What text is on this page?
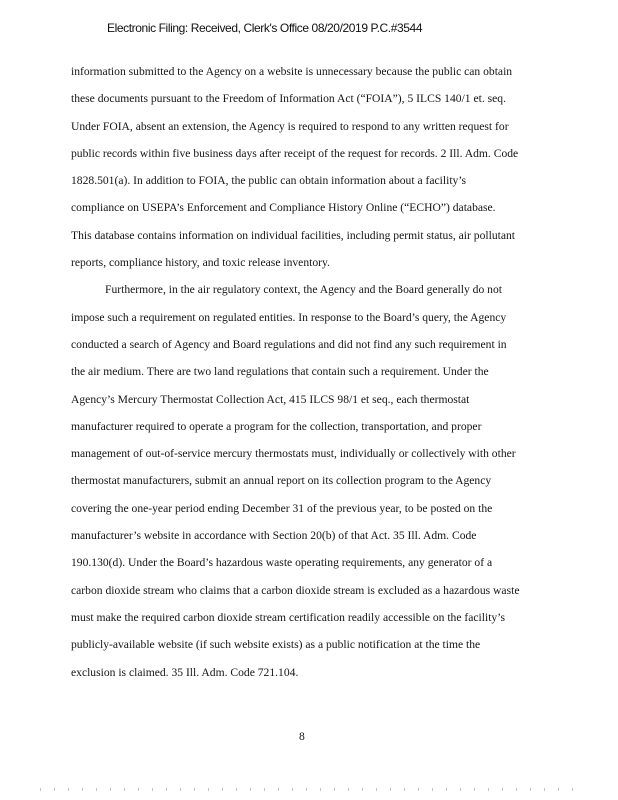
Electronic Filing: Received, Clerk's Office 08/20/2019 P.C.#3544
information submitted to the Agency on a website is unnecessary because the public can obtain
these documents pursuant to the Freedom of Information Act (“FOIA”), 5 ILCS 140/1 et. seq.
Under FOIA, absent an extension, the Agency is required to respond to any written request for
public records within five business days after receipt of the request for records. 2 Ill. Adm. Code
1828.501(a). In addition to FOIA, the public can obtain information about a facility’s
compliance on USEPA’s Enforcement and Compliance History Online (“ECHO”) database.
This database contains information on individual facilities, including permit status, air pollutant
reports, compliance history, and toxic release inventory.
Furthermore, in the air regulatory context, the Agency and the Board generally do not
impose such a requirement on regulated entities. In response to the Board’s query, the Agency
conducted a search of Agency and Board regulations and did not find any such requirement in
the air medium. There are two land regulations that contain such a requirement. Under the
Agency’s Mercury Thermostat Collection Act, 415 ILCS 98/1 et seq., each thermostat
manufacturer required to operate a program for the collection, transportation, and proper
management of out-of-service mercury thermostats must, individually or collectively with other
thermostat manufacturers, submit an annual report on its collection program to the Agency
covering the one-year period ending December 31 of the previous year, to be posted on the
manufacturer’s website in accordance with Section 20(b) of that Act. 35 Ill. Adm. Code
190.130(d). Under the Board’s hazardous waste operating requirements, any generator of a
carbon dioxide stream who claims that a carbon dioxide stream is excluded as a hazardous waste
must make the required carbon dioxide stream certification readily accessible on the facility’s
publicly-available website (if such website exists) as a public notification at the time the
exclusion is claimed. 35 Ill. Adm. Code 721.104.
8
